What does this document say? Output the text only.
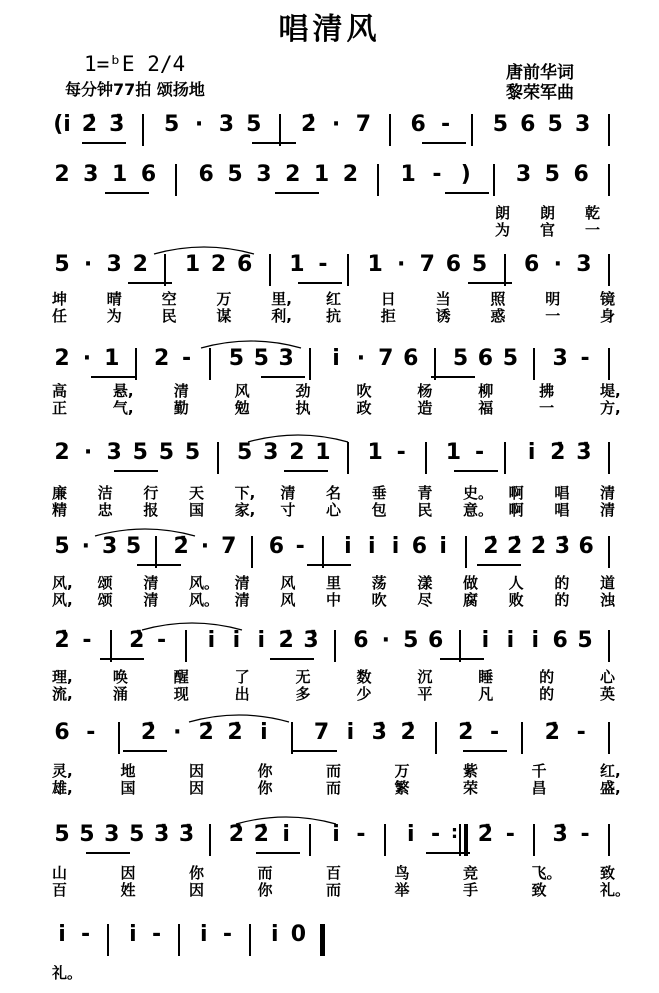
唱清风
1=ᵇE 2/4
每分钟77拍 颂扬地
唐前华词
黎荣军曲
(i 2̇ 3̇ 5 · 3 5 2̇ · 7 6 - 5 6 5 3
2 3 1 6 6 5 3 2 1 2 1 - ) 3 5 6
朗 朗 乾
为 官 一
5 · 3 2 1 2 6 1 - 1 · 7 6 5 6 · 3
坤	晴	空	万	里, 红	日	当	照	明	镜
任	为	民	谋	利, 抗	拒	诱	惑	一	身
2 · 1 2 - 5 5 3 i · 7 6 5 6 5 3 -
高	悬,	清	风	劲	吹	杨	柳	拂	堤,
正	气,	勤	勉	执	政	造	福	一	方,
2 · 3 5 5 5 5 3 2 1 1 - 1 - i 2̇ 3̇
廉 洁 行 天 下, 清 名 垂 青 史。 啊 唱 清
精 忠 报 国 家, 寸 心 包 民 意。 啊 唱 清
5 · 3 5 2̇ · 7 6 - i i i 6 i 2̇ 2̇ 2̇ 3̇ 6
风, 颂 清 风。 清 风 里 荡 漾 做 人 的 道
风, 颂 清 风。 清 风 中 吹 尽 腐 败 的 浊
2̇ - 2̇ - i i i 2̇ 3̇ 6 · 5 6 i i i 6 5
理,	唤	醒	了	无	数	沉	睡	的	心
流,	涌	现	出	多	少	平	凡	的	英
6 - 2̇ · 2̇ 2̇ i 7 i 3̇ 2̇ 2̇ - 2̇ -
灵,	地	因	你	而	万	紫	千	红,
雄,	国	因	你	而	繁	荣	昌	盛,
5 5 3 5 3̇ 3̇ 2̇ 2̇ i i - i - : 2̇ - 3̇ -
山	因	你	而	百	鸟	竞	飞。	致
百	姓	因	你	而	举	手	致	礼。
i - i - i - i 0
礼。
